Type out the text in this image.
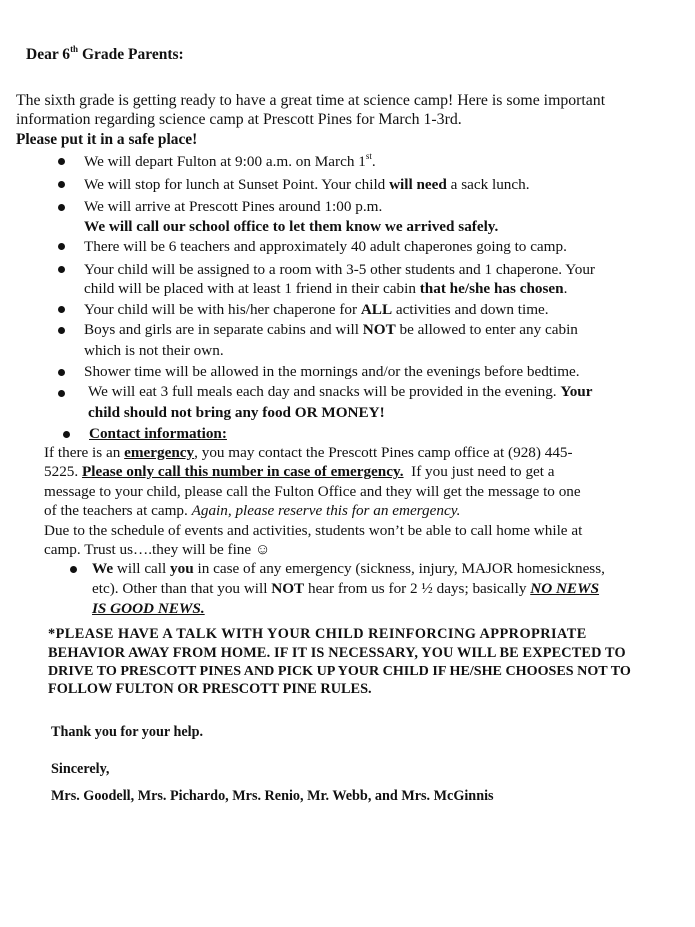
Dear 6th Grade Parents:
The sixth grade is getting ready to have a great time at science camp! Here is some important
information regarding science camp at Prescott Pines for March 1-3rd.
Please put it in a safe place!
We will depart Fulton at 9:00 a.m. on March 1st.
We will stop for lunch at Sunset Point. Your child will need a sack lunch.
We will arrive at Prescott Pines around 1:00 p.m.
We will call our school office to let them know we arrived safely.
There will be 6 teachers and approximately 40 adult chaperones going to camp.
Your child will be assigned to a room with 3-5 other students and 1 chaperone. Your
child will be placed with at least 1 friend in their cabin that he/she has chosen.
Your child will be with his/her chaperone for ALL activities and down time.
Boys and girls are in separate cabins and will NOT be allowed to enter any cabin
which is not their own.
Shower time will be allowed in the mornings and/or the evenings before bedtime.
We will eat 3 full meals each day and snacks will be provided in the evening. Your
child should not bring any food OR MONEY!
Contact information:
If there is an emergency, you may contact the Prescott Pines camp office at (928) 445-
5225. Please only call this number in case of emergency.  If you just need to get a
message to your child, please call the Fulton Office and they will get the message to one
of the teachers at camp. Again, please reserve this for an emergency.
Due to the schedule of events and activities, students won’t be able to call home while at
camp. Trust us….they will be fine ☺
We will call you in case of any emergency (sickness, injury, MAJOR homesickness,
etc). Other than that you will NOT hear from us for 2 ½ days; basically NO NEWS
IS GOOD NEWS.
*PLEASE HAVE A TALK WITH YOUR CHILD REINFORCING APPROPRIATE
BEHAVIOR AWAY FROM HOME. IF IT IS NECESSARY, YOU WILL BE EXPECTED TO
DRIVE TO PRESCOTT PINES AND PICK UP YOUR CHILD IF HE/SHE CHOOSES NOT TO
FOLLOW FULTON OR PRESCOTT PINE RULES.
Thank you for your help.
Sincerely,
Mrs. Goodell, Mrs. Pichardo, Mrs. Renio, Mr. Webb, and Mrs. McGinnis
